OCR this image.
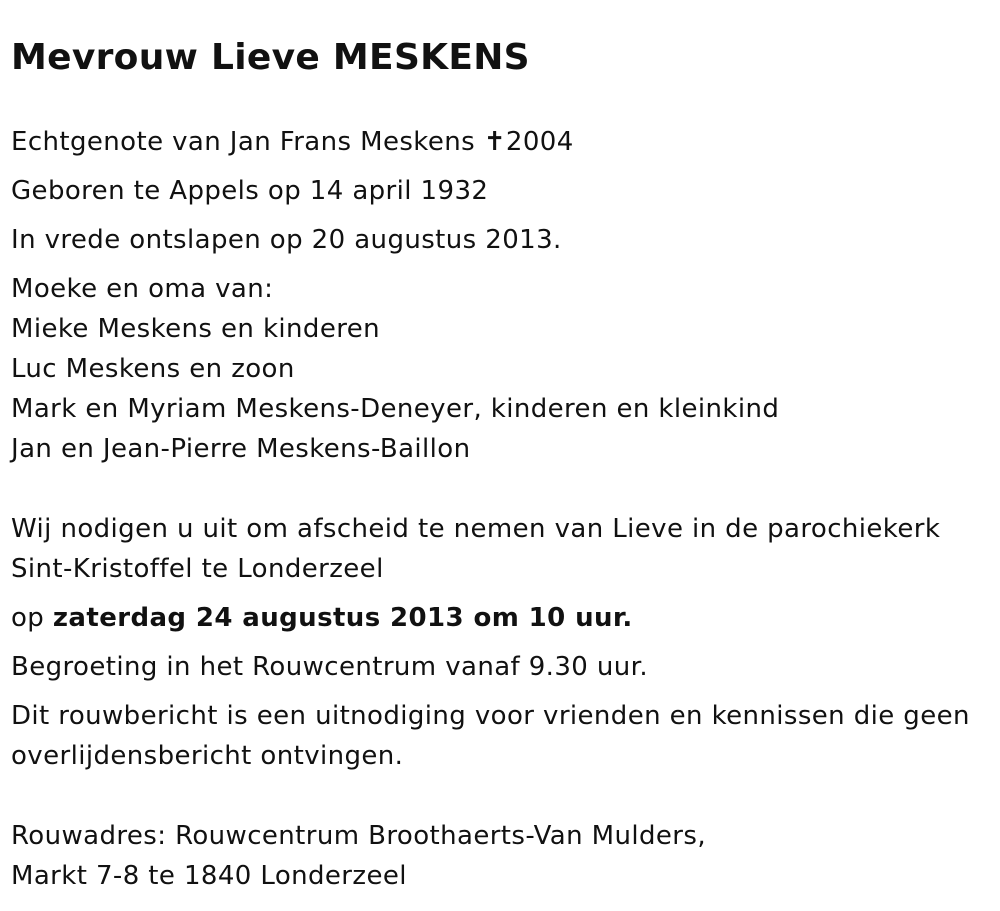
Mevrouw Lieve MESKENS

Echtgenote van Jan Frans Meskens ✝2004

Geboren te Appels op 14 april 1932

In vrede ontslapen op 20 augustus 2013.

Moeke en oma van:
Mieke Meskens en kinderen
Luc Meskens en zoon
Mark en Myriam Meskens-Deneyer, kinderen en kleinkind
Jan en Jean-Pierre Meskens-Baillon
Wij nodigen u uit om afscheid te nemen van Lieve in de parochiekerk
Sint-Kristoffel te Londerzeel

op zaterdag 24 augustus 2013 om 10 uur.

Begroeting in het Rouwcentrum vanaf 9.30 uur.

Dit rouwbericht is een uitnodiging voor vrienden en kennissen die geen
overlijdensbericht ontvingen.
Rouwadres: Rouwcentrum Broothaerts-Van Mulders,
Markt 7-8 te 1840 Londerzeel
